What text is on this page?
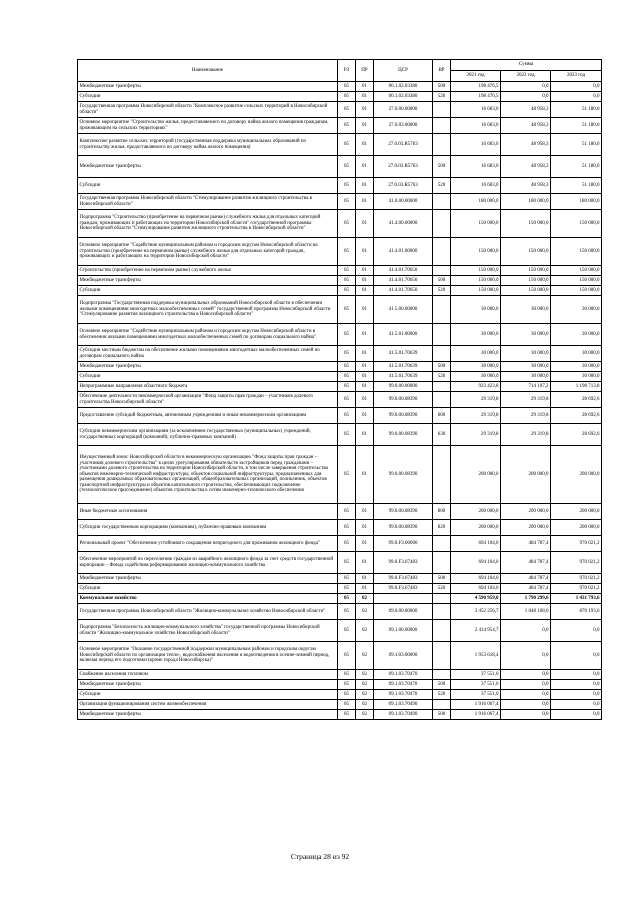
Наименование	РЗ	ПР	ЦСР	ВР	Сумма		
					2021 год	2022 год	2023 год
Межбюджетные трансферты	05	01	06.1.02.03380	500	198 476,5	0,0	0,0
Субсидии	05	01	06.1.02.03380	520	198 476,5	0,0	0,0
Государственная программа Новосибирской области "Комплексное развитие сельских территорий в Новосибирской области"	05	01	27.0.00.00000		16 683,0	48 958,3	51 180,0
Основное мероприятие "Строительство жилья, предоставляемого по договору найма жилого помещения гражданам, проживающим на сельских территориях"	05	01	27.0.03.00000		16 683,0	48 958,3	51 180,0
Комплексное развитие сельских территорий (государственная поддержка муниципальных образований по строительству жилья, предоставляемого по договору найма жилого помещения)	05	01	27.0.03.R5763		16 683,0	48 958,3	51 180,0
Межбюджетные трансферты	05	01	27.0.03.R5763	500	16 683,0	48 958,3	51 180,0
Субсидии	05	01	27.0.03.R5763	520	16 683,0	48 958,3	51 180,0
Государственная программа Новосибирской области "Стимулирование развития жилищного строительства в Новосибирской области"	05	01	41.0.00.00000		180 000,0	180 000,0	180 000,0
Подпрограмма "Строительство (приобретение на первичном рынке) служебного жилья для отдельных категорий граждан, проживающих и работающих на территории Новосибирской области" государственной программы Новосибирской области "Стимулирование развития жилищного строительства в Новосибирской области"	05	01	41.4.00.00000		150 000,0	150 000,0	150 000,0
Основное мероприятие "Содействие муниципальным районам и городским округам Новосибирской области на строительство (приобретение на первичном рынке) служебного жилья для отдельных категорий граждан, проживающих и работающих на территории Новосибирской области"	05	01	41.4.01.00000		150 000,0	150 000,0	150 000,0
Строительство (приобретение на первичном рынке) служебного жилья	05	01	41.4.01.70650		150 000,0	150 000,0	150 000,0
Межбюджетные трансферты	05	01	41.4.01.70650	500	150 000,0	150 000,0	150 000,0
Субсидии	05	01	41.4.01.70650	520	150 000,0	150 000,0	150 000,0
Подпрограмма "Государственная поддержка муниципальных образований Новосибирской области в обеспечении жилыми помещениями многодетных малообеспеченных семей" государственной программы Новосибирской области "Стимулирование развития жилищного строительства в Новосибирской области"	05	01	41.5.00.00000		30 000,0	30 000,0	30 000,0
Основное мероприятие "Содействие муниципальным районам и городским округам Новосибирской области в обеспечении жилыми помещениями многодетных малообеспеченных семей по договорам социального найма"	05	01	41.5.01.00000		30 000,0	30 000,0	30 000,0
Субсидии местным бюджетам на обеспечение жилыми помещениями многодетных малообеспеченных семей по договорам социального найма	05	01	41.5.01.70639		30 000,0	30 000,0	30 000,0
Межбюджетные трансферты	05	01	41.5.01.70639	500	30 000,0	30 000,0	30 000,0
Субсидии	05	01	41.5.01.70639	520	30 000,0	30 000,0	30 000,0
Непрограммные направления областного бюджета	05	01	99.0.00.00000		923 423,8	714 107,2	1 198 713,8
Обеспечение деятельности некоммерческой организации "Фонд защиты прав граждан – участников долевого строительства Новосибирской области"	05	01	99.0.00.08390		29 319,8	29 319,8	28 692,6
Предоставление субсидий бюджетным, автономным учреждениям и иным некоммерческим организациям	05	01	99.0.00.08390	600	29 319,8	29 319,8	28 692,6
Субсидии некоммерческим организациям (за исключением государственных (муниципальных) учреждений, государственных корпораций (компаний), публично-правовых компаний)	05	01	99.0.00.08390	630	29 319,8	29 319,8	28 692,6
Имущественный взнос Новосибирской области в некоммерческую организацию "Фонд защиты прав граждан – участников долевого строительства" в целях урегулирования обязательств застройщиков перед гражданами – участниками долевого строительства на территории Новосибирской области, в том числе завершения строительства объектов инженерно-технической инфраструктуры, объектов социальной инфраструктуры, предназначенных для размещения дошкольных образовательных организаций, общеобразовательных организаций, поликлиник, объектов транспортной инфраструктуры и объектов капитального строительства, обеспечивающих подключение (технологическое присоединение) объектов строительства к сетям инженерно-технического обеспечения	05	01	99.0.00.08390		200 000,0	200 000,0	200 000,0
Иные бюджетные ассигнования	05	01	99.0.00.08390	800	200 000,0	200 000,0	200 000,0
Субсидии государственным корпорациям (компаниям), публично-правовым компаниям	05	01	99.0.00.08390	820	200 000,0	200 000,0	200 000,0
Региональный проект "Обеспечение устойчивого сокращения непригодного для проживания жилищного фонда"	05	01	99.0.F3.00000		694 104,0	484 787,4	970 021,2
Обеспечение мероприятий по переселению граждан из аварийного жилищного фонда за счет средств государственной корпорации – Фонда содействия реформированию жилищно-коммунального хозяйства	05	01	99.0.F3.67483		694 104,0	484 787,4	970 021,2
Межбюджетные трансферты	05	01	99.0.F3.67483	500	694 104,0	484 787,4	970 021,2
Субсидии	05	01	99.0.F3.67483	520	694 104,0	484 787,4	970 021,2
Коммунальное хозяйство	05	02			4 590 959,0	1 790 299,6	1 431 793,6
Государственная программа Новосибирской области "Жилищно-коммунальное хозяйство Новосибирской области"	05	02	09.0.00.00000		3 452 256,7	1 048 108,0	870 193,6
Подпрограмма "Безопасность жилищно-коммунального хозяйства" государственной программы Новосибирской области "Жилищно-коммунальное хозяйство Новосибирской области"	05	02	09.1.00.00000		2 414 954,7	0,0	0,0
Основное мероприятие "Оказание государственной поддержки муниципальным районам и городским округам Новосибирской области по организации тепло-, водоснабжения населения и водоотведения в осенне-зимний период, включая период его подготовки (кроме города Новосибирска)"	05	02	09.1.03.00000		1 953 618,4	0,0	0,0
Снабжение населения топливом	05	02	09.1.03.70470		37 551,0	0,0	0,0
Межбюджетные трансферты	05	02	09.1.03.70470	500	37 551,0	0,0	0,0
Субсидии	05	02	09.1.03.70470	520	37 551,0	0,0	0,0
Организация функционирования систем жизнеобеспечения	05	02	09.1.03.70490		1 916 067,4	0,0	0,0
Межбюджетные трансферты	05	02	09.1.03.70490	500	1 916 067,4	0,0	0,0
Страница 28 из 92
